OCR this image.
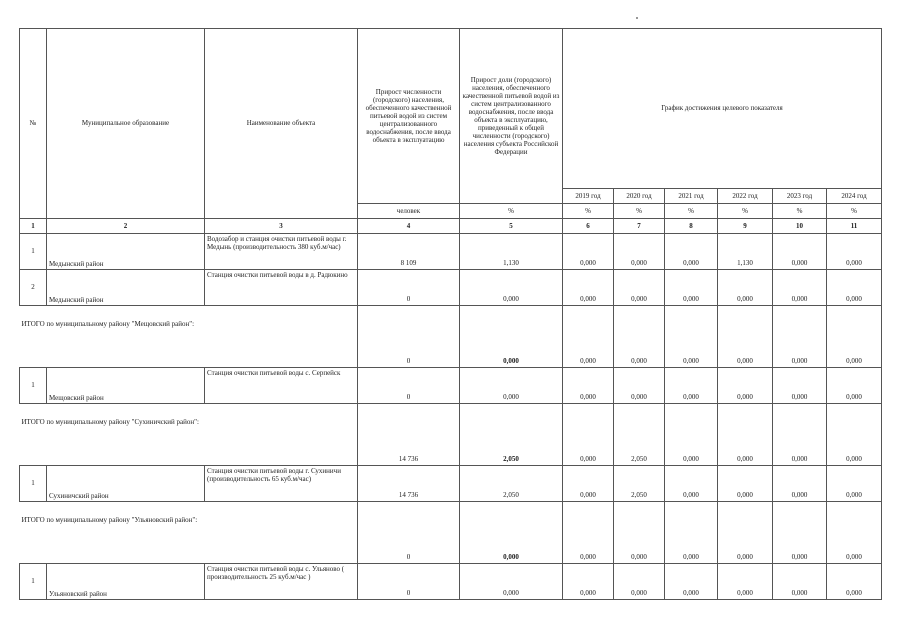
№	Муниципальное образование	Наименование объекта	Прирост численности (городского) населения, обеспеченного качественной питьевой водой из систем централизованного водоснабжения, после ввода объекта в эксплуатацию	Прирост доли (городского) населения, обеспеченного качественной питьевой водой из систем централизованного водоснабжения, после ввода объекта в эксплуатацию, приведенный к общей численности (городского) населения субъекта Российской Федерации	График достижения целевого показателя					
					2019 год	2020 год	2021 год	2022 год	2023 год	2024 год
			человек	%	%	%	%	%	%	%
1	2	3	4	5	6	7	8	9	10	11
1	Медынский район	Водозабор и станция очистки питьевой воды г. Медынь (производительность 380 куб.м/час)	8 109	1,130	0,000	0,000	0,000	1,130	0,000	0,000
2	Медынский район	Станция очистки питьевой воды в д. Радюкино	0	0,000	0,000	0,000	0,000	0,000	0,000	0,000
ИТОГО по муниципальному району "Мещовский район":			0	0,000	0,000	0,000	0,000	0,000	0,000	0,000
1	Мещовский район	Станция очистки питьевой воды с. Серпейск	0	0,000	0,000	0,000	0,000	0,000	0,000	0,000
ИТОГО по муниципальному району "Сухиничский район":			14 736	2,050	0,000	2,050	0,000	0,000	0,000	0,000
1	Сухиничский район	Станция очистки питьевой воды г. Сухиничи (производительность 65 куб.м/час)	14 736	2,050	0,000	2,050	0,000	0,000	0,000	0,000
ИТОГО по муниципальному району "Ульяновский район":			0	0,000	0,000	0,000	0,000	0,000	0,000	0,000
1	Ульяновский район	Станция очистки питьевой воды с. Ульяново ( производительность 25 куб.м/час )	0	0,000	0,000	0,000	0,000	0,000	0,000	0,000
